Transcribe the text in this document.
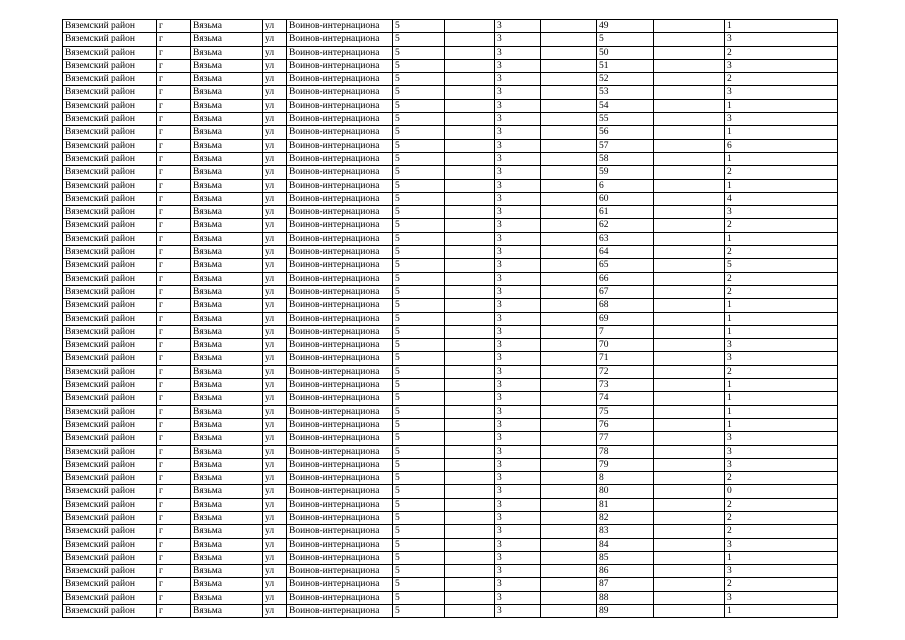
Вяземский район	г	Вязьма	ул	Воинов-интернациона	5		3		49		1
Вяземский район	г	Вязьма	ул	Воинов-интернациона	5		3		5		3
Вяземский район	г	Вязьма	ул	Воинов-интернациона	5		3		50		2
Вяземский район	г	Вязьма	ул	Воинов-интернациона	5		3		51		3
Вяземский район	г	Вязьма	ул	Воинов-интернациона	5		3		52		2
Вяземский район	г	Вязьма	ул	Воинов-интернациона	5		3		53		3
Вяземский район	г	Вязьма	ул	Воинов-интернациона	5		3		54		1
Вяземский район	г	Вязьма	ул	Воинов-интернациона	5		3		55		3
Вяземский район	г	Вязьма	ул	Воинов-интернациона	5		3		56		1
Вяземский район	г	Вязьма	ул	Воинов-интернациона	5		3		57		6
Вяземский район	г	Вязьма	ул	Воинов-интернациона	5		3		58		1
Вяземский район	г	Вязьма	ул	Воинов-интернациона	5		3		59		2
Вяземский район	г	Вязьма	ул	Воинов-интернациона	5		3		6		1
Вяземский район	г	Вязьма	ул	Воинов-интернациона	5		3		60		4
Вяземский район	г	Вязьма	ул	Воинов-интернациона	5		3		61		3
Вяземский район	г	Вязьма	ул	Воинов-интернациона	5		3		62		2
Вяземский район	г	Вязьма	ул	Воинов-интернациона	5		3		63		1
Вяземский район	г	Вязьма	ул	Воинов-интернациона	5		3		64		2
Вяземский район	г	Вязьма	ул	Воинов-интернациона	5		3		65		5
Вяземский район	г	Вязьма	ул	Воинов-интернациона	5		3		66		2
Вяземский район	г	Вязьма	ул	Воинов-интернациона	5		3		67		2
Вяземский район	г	Вязьма	ул	Воинов-интернациона	5		3		68		1
Вяземский район	г	Вязьма	ул	Воинов-интернациона	5		3		69		1
Вяземский район	г	Вязьма	ул	Воинов-интернациона	5		3		7		1
Вяземский район	г	Вязьма	ул	Воинов-интернациона	5		3		70		3
Вяземский район	г	Вязьма	ул	Воинов-интернациона	5		3		71		3
Вяземский район	г	Вязьма	ул	Воинов-интернациона	5		3		72		2
Вяземский район	г	Вязьма	ул	Воинов-интернациона	5		3		73		1
Вяземский район	г	Вязьма	ул	Воинов-интернациона	5		3		74		1
Вяземский район	г	Вязьма	ул	Воинов-интернациона	5		3		75		1
Вяземский район	г	Вязьма	ул	Воинов-интернациона	5		3		76		1
Вяземский район	г	Вязьма	ул	Воинов-интернациона	5		3		77		3
Вяземский район	г	Вязьма	ул	Воинов-интернациона	5		3		78		3
Вяземский район	г	Вязьма	ул	Воинов-интернациона	5		3		79		3
Вяземский район	г	Вязьма	ул	Воинов-интернациона	5		3		8		2
Вяземский район	г	Вязьма	ул	Воинов-интернациона	5		3		80		0
Вяземский район	г	Вязьма	ул	Воинов-интернациона	5		3		81		2
Вяземский район	г	Вязьма	ул	Воинов-интернациона	5		3		82		2
Вяземский район	г	Вязьма	ул	Воинов-интернациона	5		3		83		2
Вяземский район	г	Вязьма	ул	Воинов-интернациона	5		3		84		3
Вяземский район	г	Вязьма	ул	Воинов-интернациона	5		3		85		1
Вяземский район	г	Вязьма	ул	Воинов-интернациона	5		3		86		3
Вяземский район	г	Вязьма	ул	Воинов-интернациона	5		3		87		2
Вяземский район	г	Вязьма	ул	Воинов-интернациона	5		3		88		3
Вяземский район	г	Вязьма	ул	Воинов-интернациона	5		3		89		1
